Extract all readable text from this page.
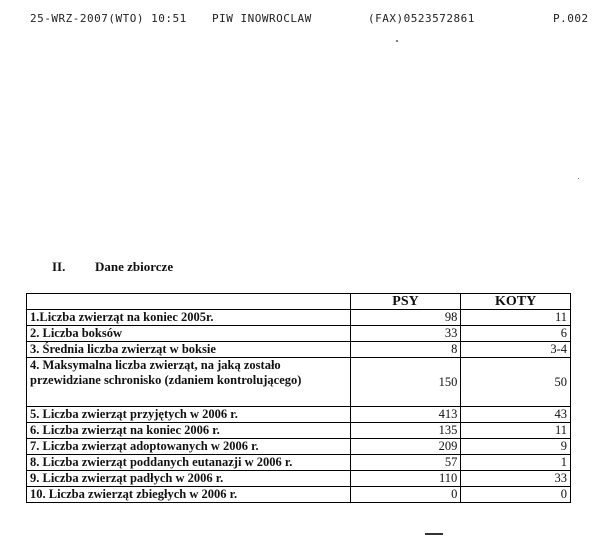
25-WRZ-2007(WTO) 10:51 PIW INOWROCLAW	(FAX)0523572861	P.002
II. Dane zbiorcze
	PSY	KOTY
1.Liczba zwierząt na koniec 2005r.	98	11
2. Liczba boksów	33	6
3. Średnia liczba zwierząt w boksie	8	3-4
4. Maksymalna liczba zwierząt, na jaką zostało przewidziane schronisko (zdaniem kontrolującego)	150	50
5. Liczba zwierząt przyjętych w 2006 r.	413	43
6. Liczba zwierząt na koniec 2006 r.	135	11
7. Liczba zwierząt adoptowanych w 2006 r.	209	9
8. Liczba zwierząt poddanych eutanazji w 2006 r.	57	1
9. Liczba zwierząt padłych w 2006 r.	110	33
10. Liczba zwierząt zbiegłych w 2006 r.	0	0
